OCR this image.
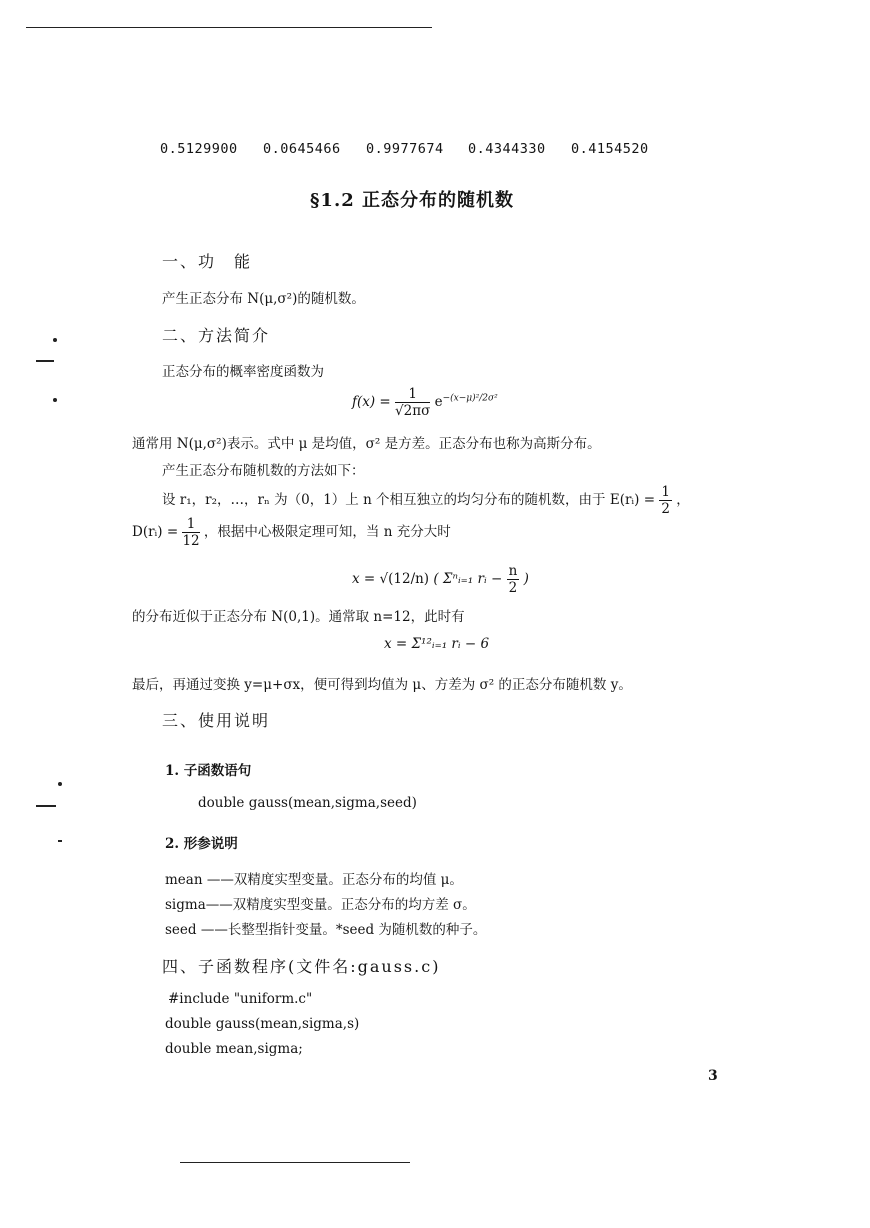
0.5129900 0.0645466 0.9977674 0.4344330 0.4154520
§1.2 正态分布的随机数
一、功　能
产生正态分布 N(μ,σ²)的随机数。
二、方法简介
正态分布的概率密度函数为
$f(x) = \frac{1}{√2\pi\sigma} e^{-(x-\mu)^2/2\sigma^2}$
通常用 N(μ,σ²)表示。式中 μ 是均值，σ² 是方差。正态分布也称为高斯分布。
产生正态分布随机数的方法如下：
设 r₁，r₂，…，rₙ 为（0，1）上 n 个相互独立的均匀分布的随机数，由于 E(rᵢ) = $\frac{1}{2}$ ，
D(rᵢ) = $\frac{1}{12}$ ，根据中心极限定理可知，当 n 充分大时
x = √(12/n) ( Σⁿᵢ₌₁ rᵢ − $\frac{n}{2}$ )
的分布近似于正态分布 N(0,1)。通常取 n=12，此时有
x = Σ¹²ᵢ₌₁ rᵢ − 6
最后，再通过变换 y=μ+σx，便可得到均值为 μ、方差为 σ² 的正态分布随机数 y。
三、使用说明
1. 子函数语句
double gauss(mean,sigma,seed)
2. 形参说明
mean ——双精度实型变量。正态分布的均值 μ。
sigma——双精度实型变量。正态分布的均方差 σ。
seed ——长整型指针变量。*seed 为随机数的种子。
四、子函数程序(文件名:gauss.c)
#include "uniform.c"
double gauss(mean,sigma,s)
double mean,sigma;
3
